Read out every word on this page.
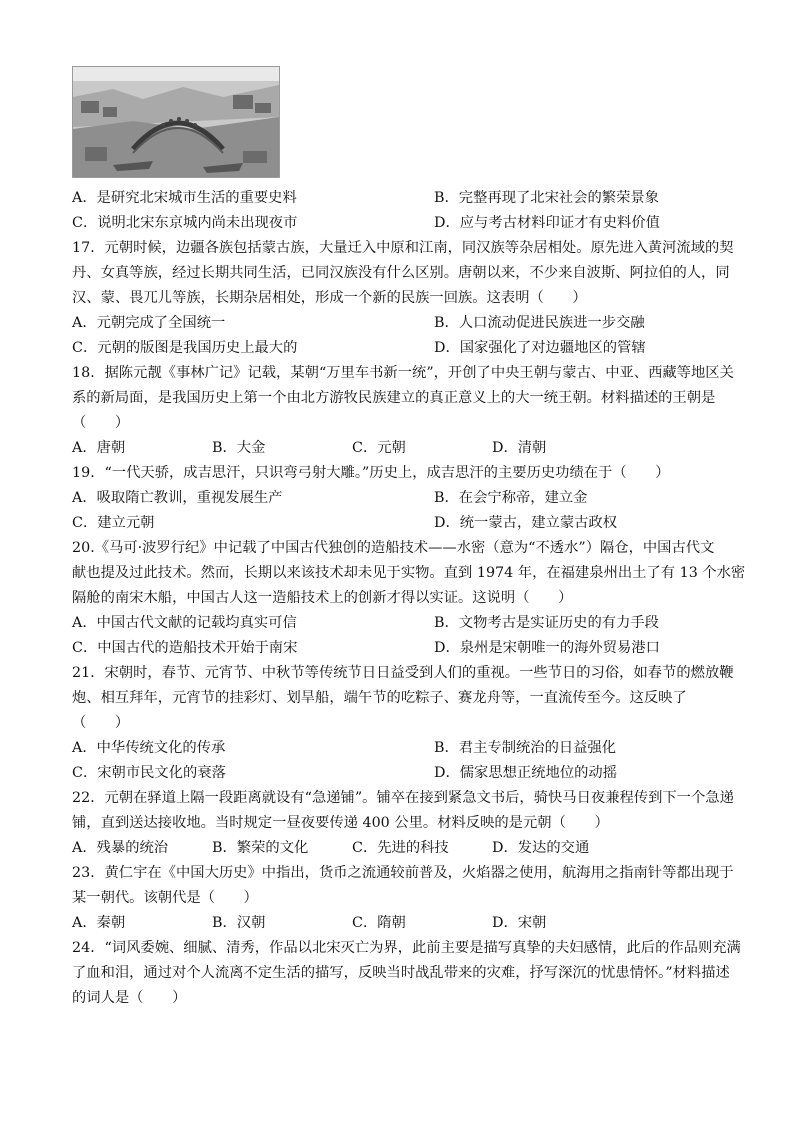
A．是研究北宋城市生活的重要史料	B．完整再现了北宋社会的繁荣景象
C．说明北宋东京城内尚未出现夜市	D．应与考古材料印证才有史料价值
17．元朝时候，边疆各族包括蒙古族，大量迁入中原和江南，同汉族等杂居相处。原先进入黄河流域的契
丹、女真等族，经过长期共同生活，已同汉族没有什么区别。唐朝以来，不少来自波斯、阿拉伯的人，同
汉、蒙、畏兀儿等族，长期杂居相处，形成一个新的民族一回族。这表明（　　）
A．元朝完成了全国统一	B．人口流动促进民族进一步交融
C．元朝的版图是我国历史上最大的	D．国家强化了对边疆地区的管辖
18．据陈元靓《事林广记》记载，某朝“万里车书新一统”，开创了中央王朝与蒙古、中亚、西藏等地区关
系的新局面，是我国历史上第一个由北方游牧民族建立的真正意义上的大一统王朝。材料描述的王朝是
（　　）
A．唐朝	B．大金	C．元朝	D．清朝
19．“一代天骄，成吉思汗，只识弯弓射大雕。”历史上，成吉思汗的主要历史功绩在于（　　）
A．吸取隋亡教训，重视发展生产	B．在会宁称帝，建立金
C．建立元朝	D．统一蒙古，建立蒙古政权
20.《马可·波罗行纪》中记载了中国古代独创的造船技术——水密（意为“不透水”）隔仓，中国古代文
献也提及过此技术。然而，长期以来该技术却未见于实物。直到 1974 年，在福建泉州出土了有 13 个水密
隔舱的南宋木船，中国古人这一造船技术上的创新才得以实证。这说明（　　）
A．中国古代文献的记载均真实可信	B．文物考古是实证历史的有力手段
C．中国古代的造船技术开始于南宋	D．泉州是宋朝唯一的海外贸易港口
21．宋朝时，春节、元宵节、中秋节等传统节日日益受到人们的重视。一些节日的习俗，如春节的燃放鞭
炮、相互拜年，元宵节的挂彩灯、划旱船，端午节的吃粽子、赛龙舟等，一直流传至今。这反映了
（　　）
A．中华传统文化的传承	B．君主专制统治的日益强化
C．宋朝市民文化的衰落	D．儒家思想正统地位的动摇
22．元朝在驿道上隔一段距离就设有“急递铺”。铺卒在接到紧急文书后，骑快马日夜兼程传到下一个急递
铺，直到送达接收地。当时规定一昼夜要传递 400 公里。材料反映的是元朝（　　）
A．残暴的统治	B．繁荣的文化	C．先进的科技	D．发达的交通
23．黄仁宇在《中国大历史》中指出，货币之流通较前普及，火焰器之使用，航海用之指南针等都出现于
某一朝代。该朝代是（　　）
A．秦朝	B．汉朝	C．隋朝	D．宋朝
24．“词风委婉、细腻、清秀，作品以北宋灭亡为界，此前主要是描写真挚的夫妇感情，此后的作品则充满
了血和泪，通过对个人流离不定生活的描写，反映当时战乱带来的灾难，抒写深沉的忧患情怀。”材料描述
的词人是（　　）
